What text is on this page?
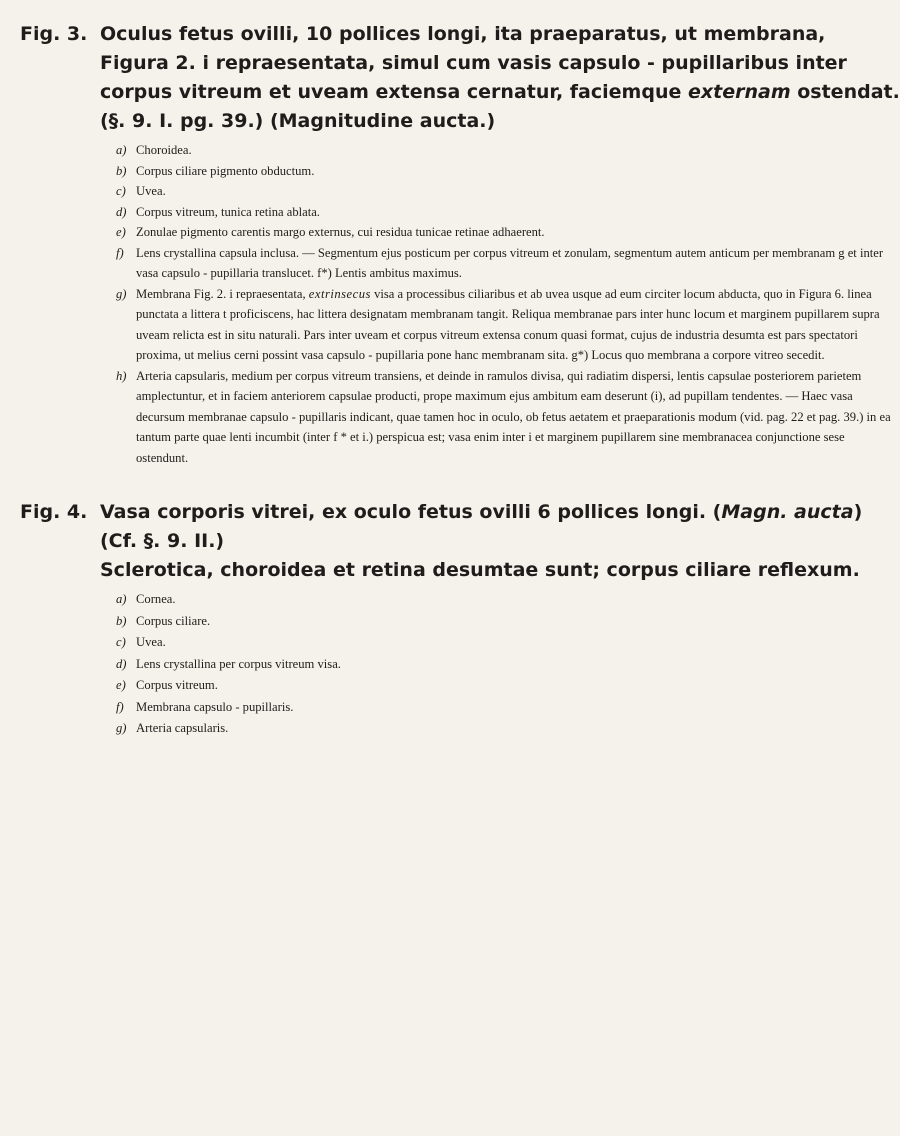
Fig. 3. Oculus fetus ovilli, 10 pollices longi, ita praeparatus, ut membrana,
Figura 2. i repraesentata, simul cum vasis capsulo - pupillaribus inter
corpus vitreum et uveam extensa cernatur, faciemque externam ostendat.
(§. 9. I. pg. 39.) (Magnitudine aucta.)
a) Choroidea.
b) Corpus ciliare pigmento obductum.
c) Uvea.
d) Corpus vitreum, tunica retina ablata.
e) Zonulae pigmento carentis margo externus, cui residua tunicae retinae adhaerent.
f) Lens crystallina capsula inclusa. — Segmentum ejus posticum per corpus vitreum et zonulam, segmentum autem anticum per membranam g et inter vasa capsulo - pupillaria translucet. f*) Lentis ambitus maximus.
g) Membrana Fig. 2. i repraesentata, extrinsecus visa a processibus ciliaribus et ab uvea usque ad eum circiter locum abducta, quo in Figura 6. linea punctata a littera t proficiscens, hac littera designatam membranam tangit. Reliqua membranae pars inter hunc locum et marginem pupillarem supra uveam relicta est in situ naturali. Pars inter uveam et corpus vitreum extensa conum quasi format, cujus de industria desumta est pars spectatori proxima, ut melius cerni possint vasa capsulo - pupillaria pone hanc membranam sita. g*) Locus quo membrana a corpore vitreo secedit.
h) Arteria capsularis, medium per corpus vitreum transiens, et deinde in ramulos divisa, qui radiatim dispersi, lentis capsulae posteriorem parietem amplectuntur, et in faciem anteriorem capsulae producti, prope maximum ejus ambitum eam deserunt (i), ad pupillam tendentes. — Haec vasa decursum membranae capsulo - pupillaris indicant, quae tamen hoc in oculo, ob fetus aetatem et praeparationis modum (vid. pag. 22 et pag. 39.) in ea tantum parte quae lenti incumbit (inter f * et i.) perspicua est; vasa enim inter i et marginem pupillarem sine membranacea conjunctione sese ostendunt.
Fig. 4. Vasa corporis vitrei, ex oculo fetus ovilli 6 pollices longi. (Magn. aucta)
(Cf. §. 9. II.)
Sclerotica, choroidea et retina desumtae sunt; corpus ciliare reflexum.
a) Cornea.
b) Corpus ciliare.
c) Uvea.
d) Lens crystallina per corpus vitreum visa.
e) Corpus vitreum.
f) Membrana capsulo - pupillaris.
g) Arteria capsularis.
